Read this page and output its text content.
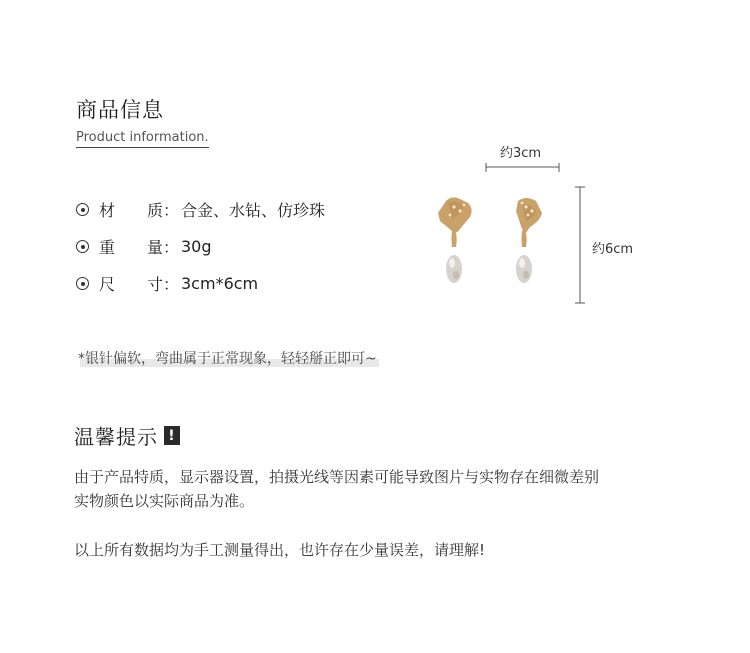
商品信息
Product information.
材　　质： 合金、水钻、仿珍珠
重　　量： 30g
尺　　寸： 3cm*6cm
约3cm
约6cm
*银针偏软，弯曲属于正常现象，轻轻掰正即可~
温馨提示 !
由于产品特质，显示器设置，拍摄光线等因素可能导致图片与实物存在细微差别
实物颜色以实际商品为准。
以上所有数据均为手工测量得出，也许存在少量误差，请理解!
